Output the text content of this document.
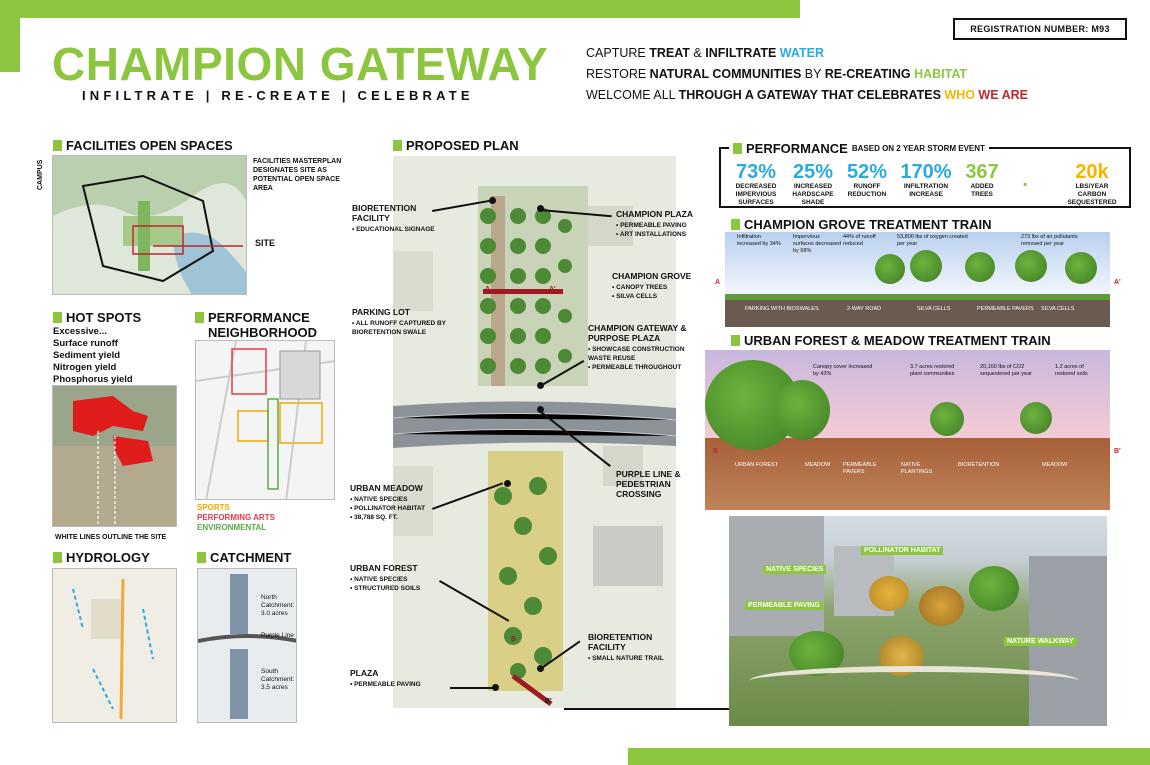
REGISTRATION NUMBER: M93
CHAMPION GATEWAY
INFILTRATE | RE-CREATE | CELEBRATE
CAPTURE TREAT & INFILTRATE WATER
RESTORE NATURAL COMMUNITIES BY RE-CREATING HABITAT
WELCOME ALL THROUGH A GATEWAY THAT CELEBRATES WHO WE ARE
FACILITIES OPEN SPACES
FACILITIES MASTERPLAN DESIGNATES SITE AS POTENTIAL OPEN SPACE AREA
CAMPUS
SITE
HOT SPOTS
Excessive...
Surface runoff
Sediment yield
Nitrogen yield
Phosphorus yield
WHITE LINES OUTLINE THE SITE
PERFORMANCE
NEIGHBORHOOD
SPORTS
PERFORMING ARTS
ENVIRONMENTAL
HYDROLOGY	CATCHMENT
North Catchment: 3.0 acres
Purple Line
South Catchment: 3.5 acres
PROPOSED PLAN
A	A'
B
B'
BIORETENTION FACILITY
• EDUCATIONAL SIGNAGE
PARKING LOT
• ALL RUNOFF CAPTURED BY BIORETENTION SWALE
URBAN MEADOW
• NATIVE SPECIES
• POLLINATOR HABITAT
• 38,788 SQ. FT.
URBAN FOREST
• NATIVE SPECIES
• STRUCTURED SOILS
PLAZA
• PERMEABLE PAVING
CHAMPION PLAZA
• PERMEABLE PAVING
• ART INSTALLATIONS
CHAMPION GROVE
• CANOPY TREES
• SILVA CELLS
CHAMPION GATEWAY & PURPOSE PLAZA
• SHOWCASE CONSTRUCTION WASTE REUSE
• PERMEABLE THROUGHOUT
PURPLE LINE & PEDESTRIAN CROSSING
BIORETENTION FACILITY
• SMALL NATURE TRAIL
PERFORMANCE BASED ON 2 YEAR STORM EVENT
73%
DECREASED IMPERVIOUS SURFACES
25%
INCREASED HARDSCAPE SHADE
52%
RUNOFF REDUCTION
170%
INFILTRATION INCREASE
367
ADDED TREES
.	20k
LBS/YEAR CARBON SEQUESTERED
CHAMPION GROVE TREATMENT TRAIN
Infiltration increased by 34%
Impervious surfaces decreased by 68%
44% of runoff reduced
53,800 lbs of oxygen created per year
273 lbs of air pollutants removed per year
PARKING WITH BIOSWALES	2-WAY ROAD	SILVA CELLS	PERMEABLE PAVERS SILVA CELLS
A	A'
URBAN FOREST & MEADOW TREATMENT TRAIN
Canopy cover increased by 43%
3.7 acres restored plant communities
20,160 lbs of CO2 sequestered per year
1.2 acres of restored soils
URBAN FOREST	MEADOW PERMEABLE PAVERS
NATIVE PLANTINGS
BIORETENTION	MEADOW
B	B'
POLLINATOR HABITAT
NATIVE SPECIES
PERMEABLE PAVING
NATURE WALKWAY
